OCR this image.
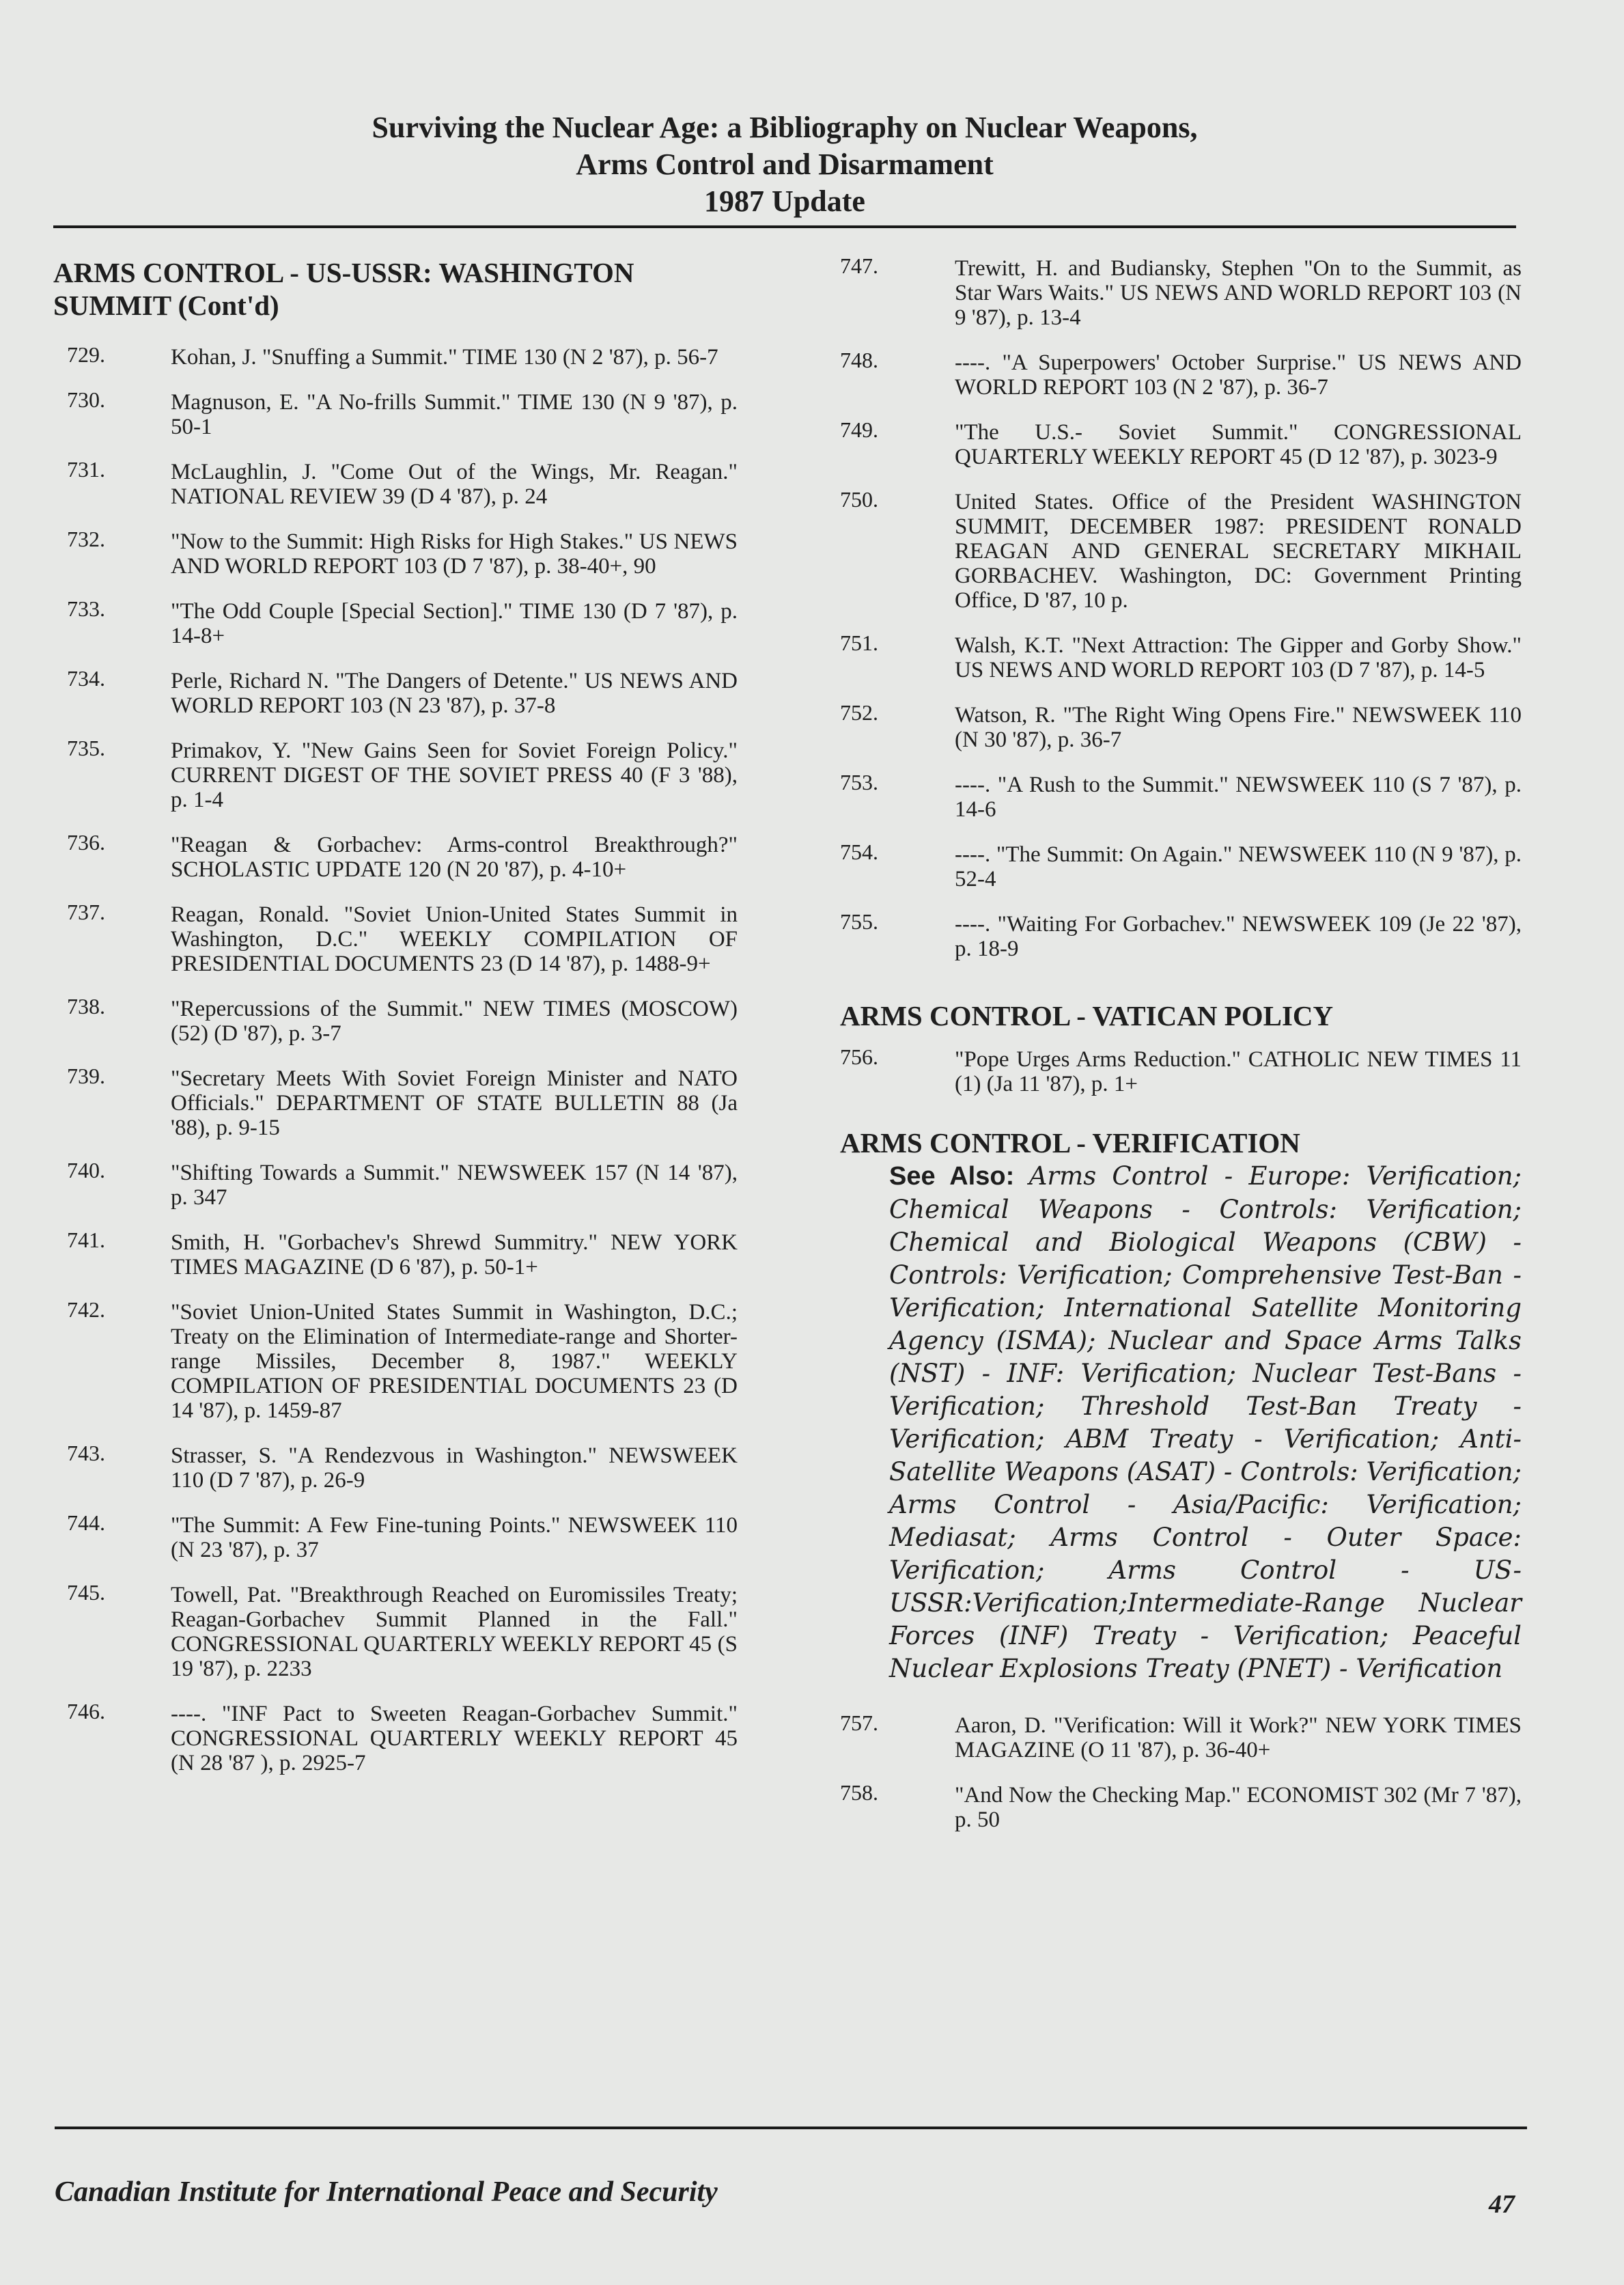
Surviving the Nuclear Age: a Bibliography on Nuclear Weapons,
Arms Control and Disarmament
1987 Update
ARMS CONTROL - US-USSR: WASHINGTON SUMMIT (Cont'd)
729.	Kohan, J. "Snuffing a Summit." TIME 130 (N 2 '87), p. 56-7
730.	Magnuson, E. "A No-frills Summit." TIME 130 (N 9 '87), p. 50-1
731.	McLaughlin, J. "Come Out of the Wings, Mr. Reagan." NATIONAL REVIEW 39 (D 4 '87), p. 24
732.	"Now to the Summit: High Risks for High Stakes." US NEWS AND WORLD REPORT 103 (D 7 '87), p. 38-40+, 90
733.	"The Odd Couple [Special Section]." TIME 130 (D 7 '87), p. 14-8+
734.	Perle, Richard N. "The Dangers of Detente." US NEWS AND WORLD REPORT 103 (N 23 '87), p. 37-8
735.	Primakov, Y. "New Gains Seen for Soviet Foreign Policy." CURRENT DIGEST OF THE SOVIET PRESS 40 (F 3 '88), p. 1-4
736.	"Reagan & Gorbachev: Arms-control Breakthrough?" SCHOLASTIC UPDATE 120 (N 20 '87), p. 4-10+
737.	Reagan, Ronald. "Soviet Union-United States Summit in Washington, D.C." WEEKLY COMPILATION OF PRESIDENTIAL DOCUMENTS 23 (D 14 '87), p. 1488-9+
738.	"Repercussions of the Summit." NEW TIMES (MOSCOW) (52) (D '87), p. 3-7
739.	"Secretary Meets With Soviet Foreign Minister and NATO Officials." DEPARTMENT OF STATE BULLETIN 88 (Ja '88), p. 9-15
740.	"Shifting Towards a Summit." NEWSWEEK 157 (N 14 '87), p. 347
741.	Smith, H. "Gorbachev's Shrewd Summitry." NEW YORK TIMES MAGAZINE (D 6 '87), p. 50-1+
742.	"Soviet Union-United States Summit in Washington, D.C.; Treaty on the Elimination of Intermediate-range and Shorter-range Missiles, December 8, 1987." WEEKLY COMPILATION OF PRESIDENTIAL DOCUMENTS 23 (D 14 '87), p. 1459-87
743.	Strasser, S. "A Rendezvous in Washington." NEWSWEEK 110 (D 7 '87), p. 26-9
744.	"The Summit: A Few Fine-tuning Points." NEWSWEEK 110 (N 23 '87), p. 37
745.	Towell, Pat. "Breakthrough Reached on Euromissiles Treaty; Reagan-Gorbachev Summit Planned in the Fall." CONGRESSIONAL QUARTERLY WEEKLY REPORT 45 (S 19 '87), p. 2233
746.	----. "INF Pact to Sweeten Reagan-Gorbachev Summit." CONGRESSIONAL QUARTERLY WEEKLY REPORT 45 (N 28 '87 ), p. 2925-7
747.	Trewitt, H. and Budiansky, Stephen "On to the Summit, as Star Wars Waits." US NEWS AND WORLD REPORT 103 (N 9 '87), p. 13-4
748.	----. "A Superpowers' October Surprise." US NEWS AND WORLD REPORT 103 (N 2 '87), p. 36-7
749.	"The U.S.- Soviet Summit." CONGRESSIONAL QUARTERLY WEEKLY REPORT 45 (D 12 '87), p. 3023-9
750.	United States. Office of the President WASHINGTON SUMMIT, DECEMBER 1987: PRESIDENT RONALD REAGAN AND GENERAL SECRETARY MIKHAIL GORBACHEV. Washington, DC: Government Printing Office, D '87, 10 p.
751.	Walsh, K.T. "Next Attraction: The Gipper and Gorby Show." US NEWS AND WORLD REPORT 103 (D 7 '87), p. 14-5
752.	Watson, R. "The Right Wing Opens Fire." NEWSWEEK 110 (N 30 '87), p. 36-7
753.	----. "A Rush to the Summit." NEWSWEEK 110 (S 7 '87), p. 14-6
754.	----. "The Summit: On Again." NEWSWEEK 110 (N 9 '87), p. 52-4
755.	----. "Waiting For Gorbachev." NEWSWEEK 109 (Je 22 '87), p. 18-9
ARMS CONTROL - VATICAN POLICY
756.	"Pope Urges Arms Reduction." CATHOLIC NEW TIMES 11 (1) (Ja 11 '87), p. 1+
ARMS CONTROL - VERIFICATION
See Also: Arms Control - Europe: Verification; Chemical Weapons - Controls: Verification; Chemical and Biological Weapons (CBW) - Controls: Verification; Comprehensive Test-Ban - Verification; International Satellite Monitoring Agency (ISMA); Nuclear and Space Arms Talks (NST) - INF: Verification; Nuclear Test-Bans - Verification; Threshold Test-Ban Treaty - Verification; ABM Treaty - Verification; Anti-Satellite Weapons (ASAT) - Controls: Verification; Arms Control - Asia/Pacific: Verification; Mediasat; Arms Control - Outer Space: Verification; Arms Control - US-USSR:Verification;Intermediate-Range Nuclear Forces (INF) Treaty - Verification; Peaceful Nuclear Explosions Treaty (PNET) - Verification
757.	Aaron, D. "Verification: Will it Work?" NEW YORK TIMES MAGAZINE (O 11 '87), p. 36-40+
758.	"And Now the Checking Map." ECONOMIST 302 (Mr 7 '87), p. 50
Canadian Institute for International Peace and Security	47
